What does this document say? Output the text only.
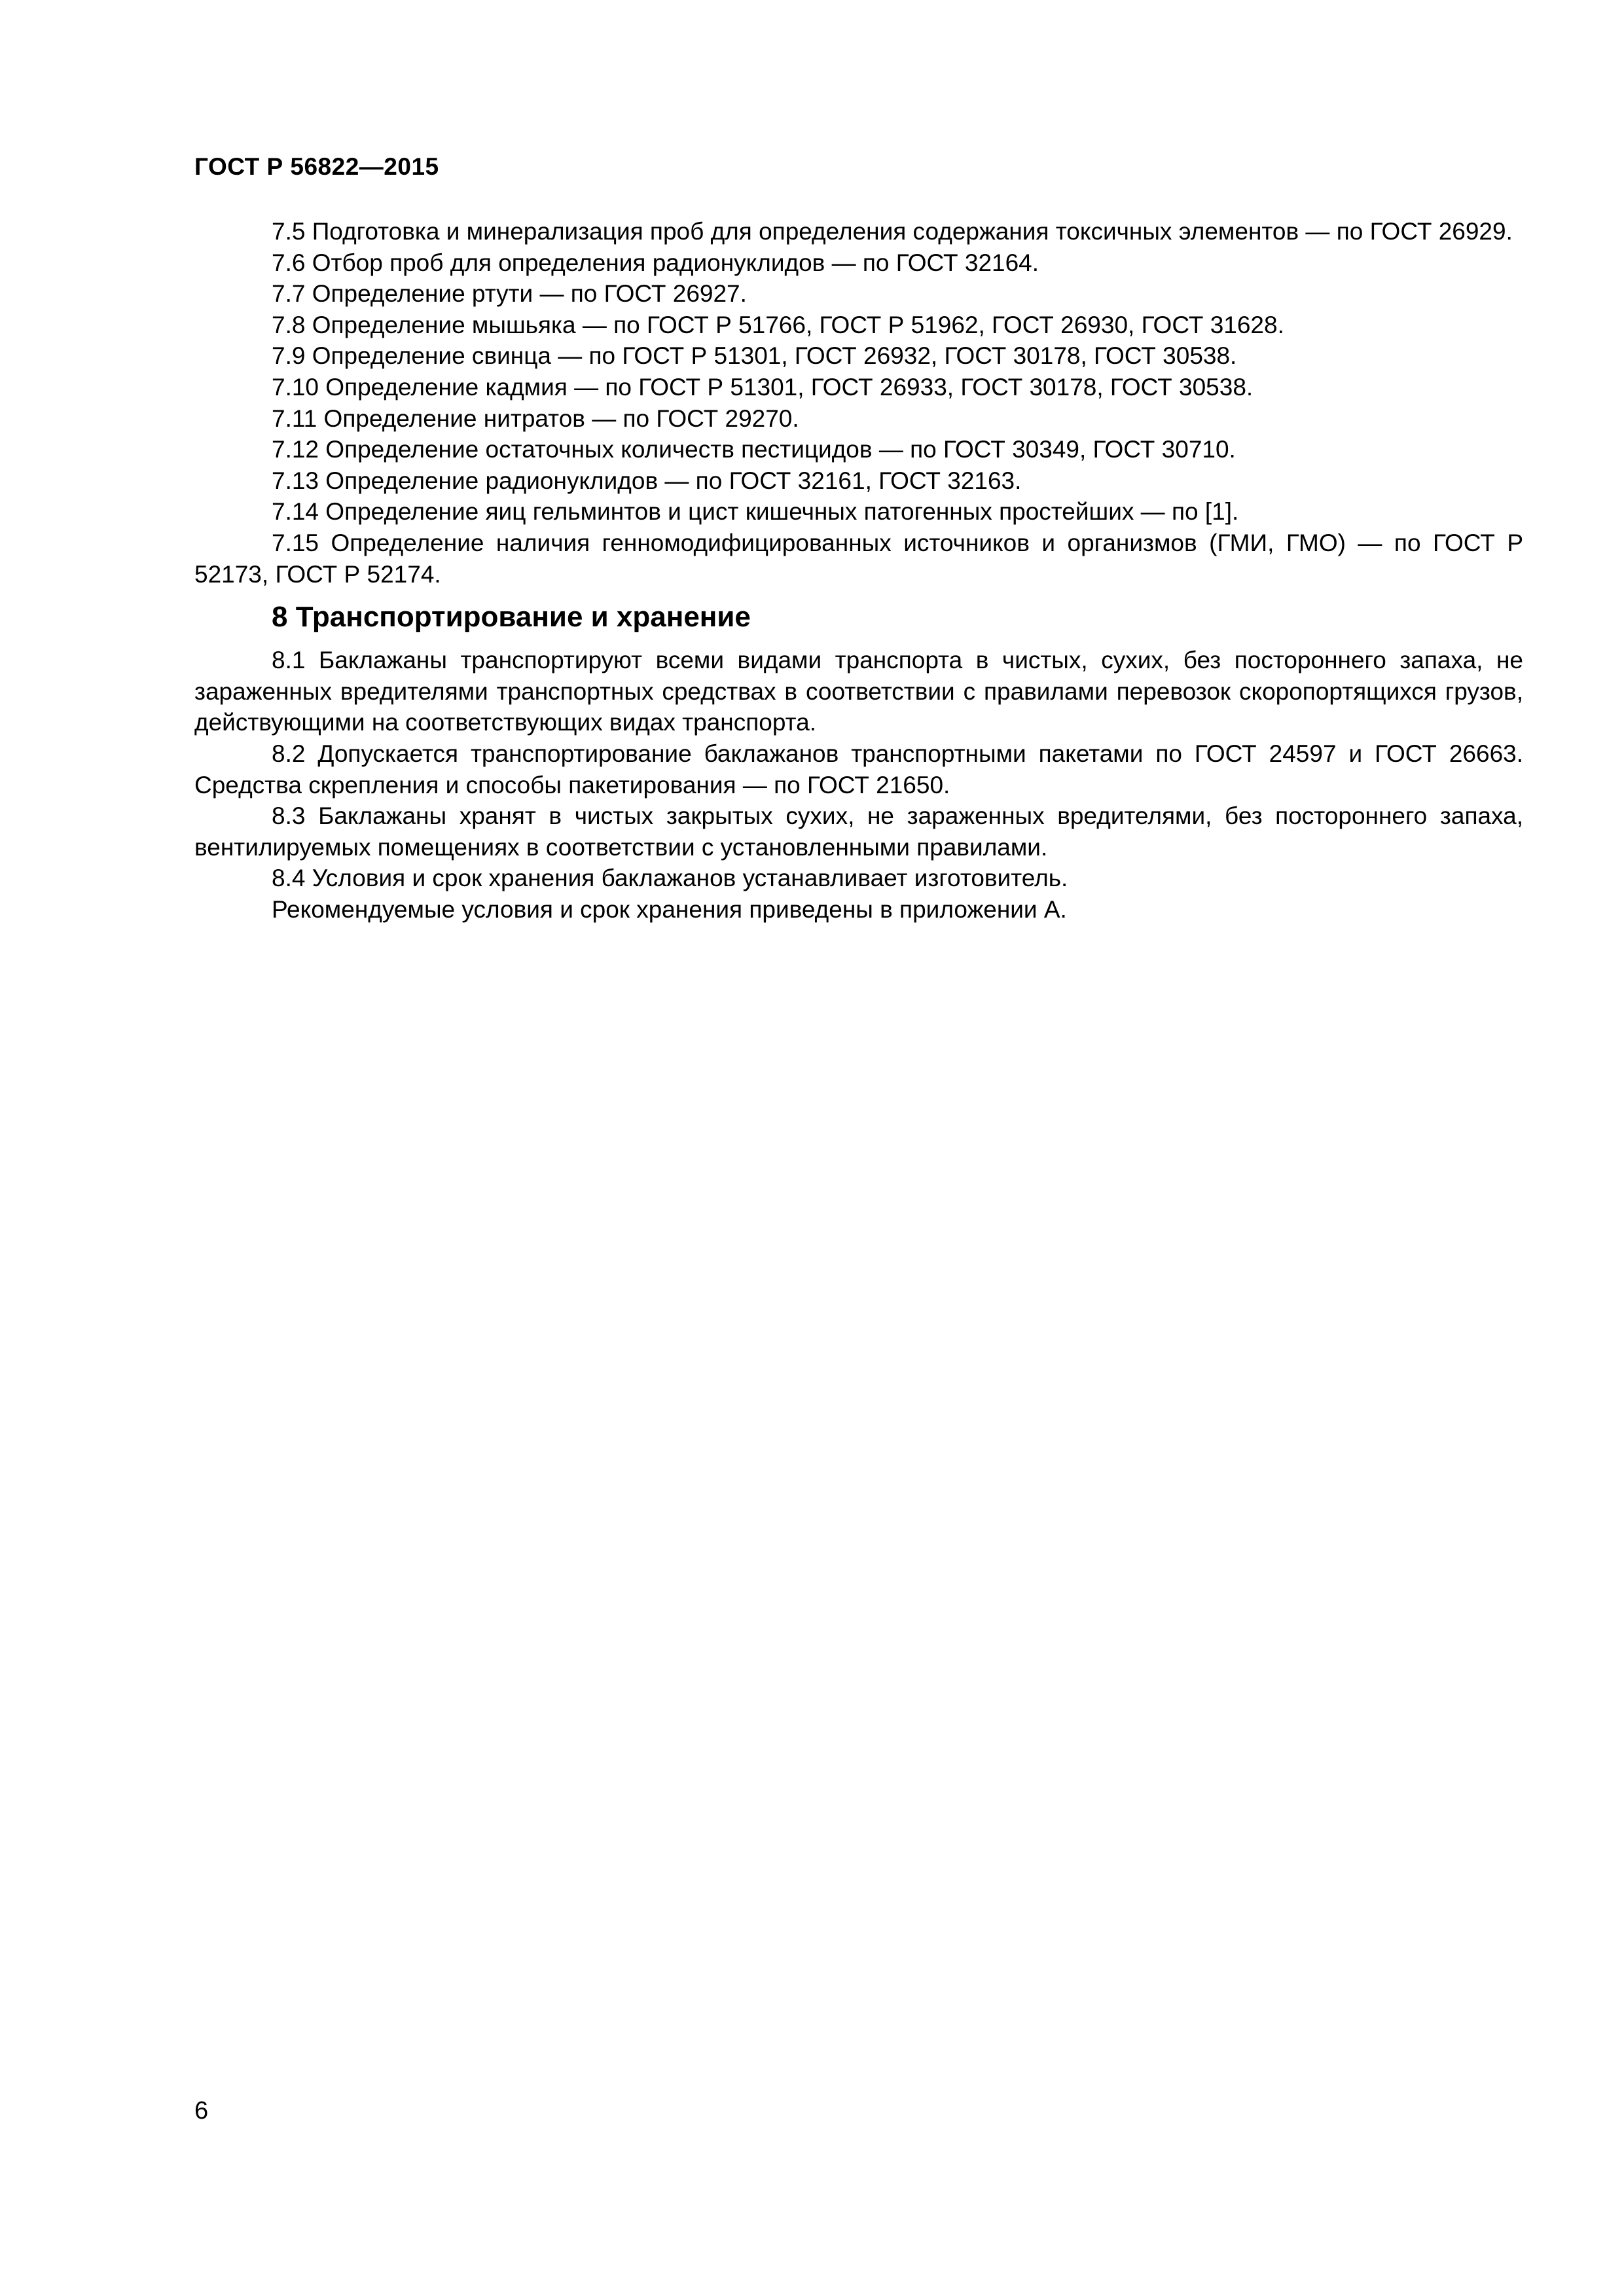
ГОСТ Р 56822—2015

7.5 Подготовка и минерализация проб для определения содержания токсичных элементов — по ГОСТ 26929.

7.6 Отбор проб для определения радионуклидов — по ГОСТ 32164.

7.7 Определение ртути — по ГОСТ 26927.

7.8 Определение мышьяка — по ГОСТ Р 51766, ГОСТ Р 51962, ГОСТ 26930, ГОСТ 31628.

7.9 Определение свинца — по ГОСТ Р 51301, ГОСТ 26932, ГОСТ 30178, ГОСТ 30538.

7.10 Определение кадмия — по ГОСТ Р 51301, ГОСТ 26933, ГОСТ 30178, ГОСТ 30538.

7.11 Определение нитратов — по ГОСТ 29270.

7.12 Определение остаточных количеств пестицидов — по ГОСТ 30349, ГОСТ 30710.

7.13 Определение радионуклидов — по ГОСТ 32161, ГОСТ 32163.

7.14 Определение яиц гельминтов и цист кишечных патогенных простейших — по [1].

7.15 Определение наличия генномодифицированных источников и организмов (ГМИ, ГМО) — по ГОСТ Р 52173, ГОСТ Р 52174.

8 Транспортирование и хранение

8.1 Баклажаны транспортируют всеми видами транспорта в чистых, сухих, без постороннего запаха, не зараженных вредителями транспортных средствах в соответствии с правилами перевозок скоропортящихся грузов, действующими на соответствующих видах транспорта.

8.2 Допускается транспортирование баклажанов транспортными пакетами по ГОСТ 24597 и ГОСТ 26663. Средства скрепления и способы пакетирования — по ГОСТ 21650.

8.3 Баклажаны хранят в чистых закрытых сухих, не зараженных вредителями, без постороннего запаха, вентилируемых помещениях в соответствии с установленными правилами.

8.4 Условия и срок хранения баклажанов устанавливает изготовитель.

Рекомендуемые условия и срок хранения приведены в приложении А.

6
